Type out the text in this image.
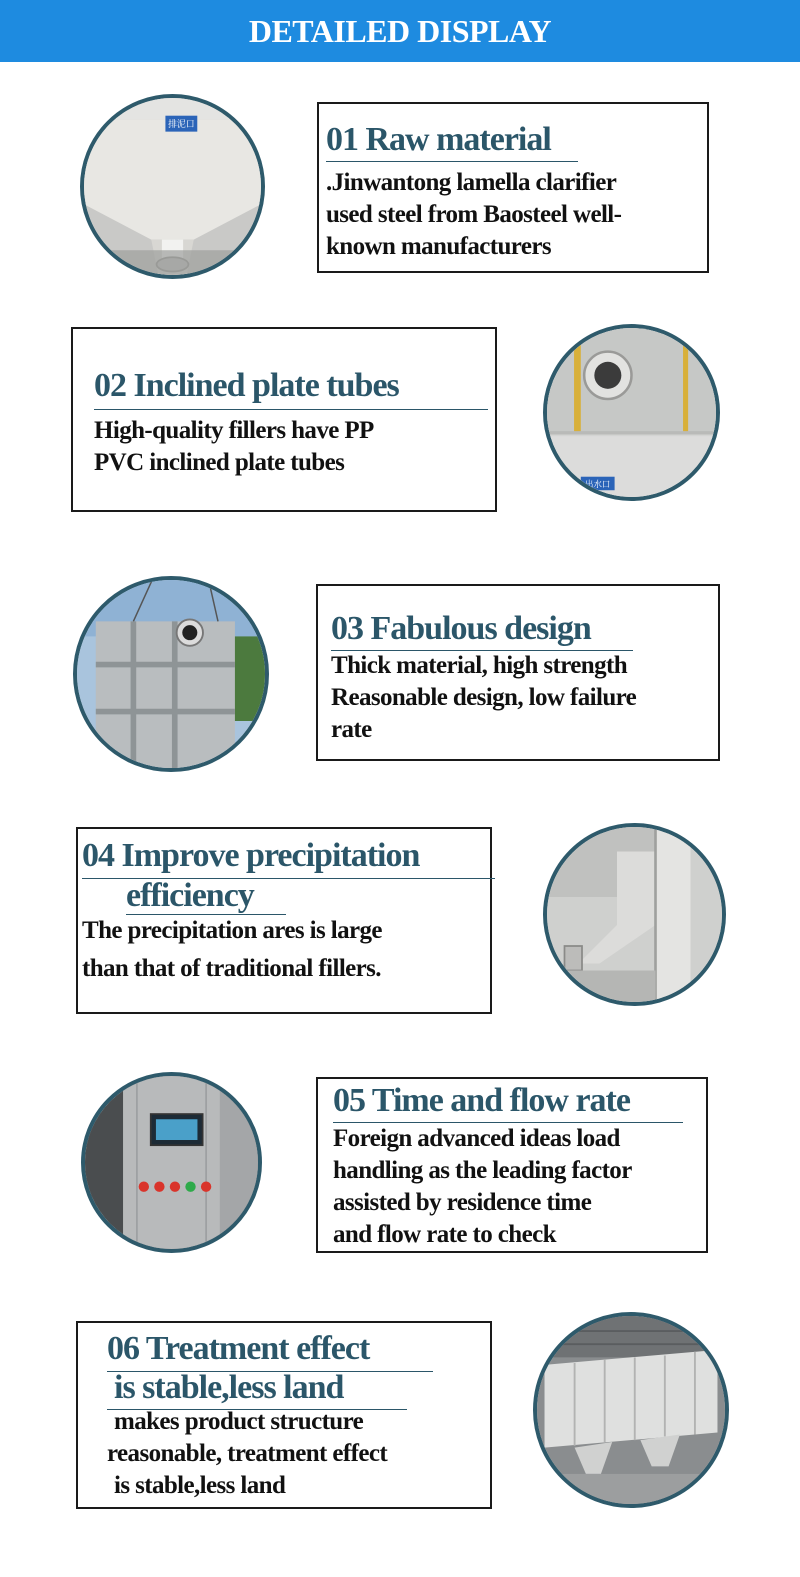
DETAILED DISPLAY
排泥口	01 Raw material
.Jinwantong lamella clarifier
used steel from Baosteel well-
known manufacturers
02 Inclined plate tubes
High-quality fillers have PP
PVC inclined plate tubes
出水口
03 Fabulous design
Thick material, high strength
Reasonable design, low failure
rate
04 Improve precipitation
efficiency
The precipitation ares is large
than that of traditional fillers.
05 Time and flow rate
Foreign advanced ideas load
handling as the leading factor
assisted by residence time
and flow rate to check
06 Treatment effect
is stable,less land
makes product structure
reasonable, treatment effect
is stable,less land
